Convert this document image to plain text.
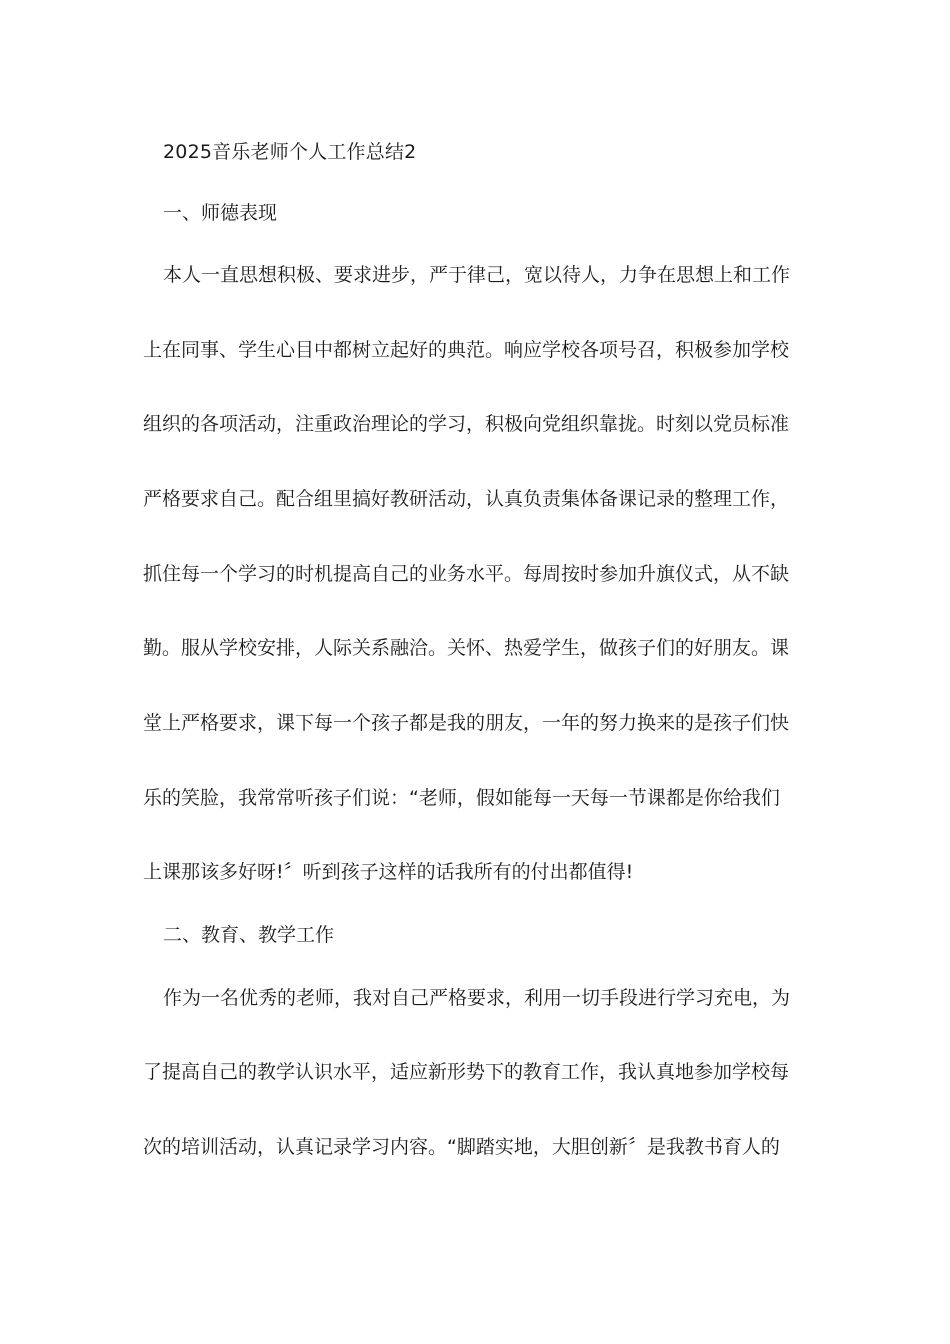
2025音乐老师个人工作总结2
一、师德表现
本人一直思想积极、要求进步，严于律己，宽以待人，力争在思想上和工作
上在同事、学生心目中都树立起好的典范。响应学校各项号召，积极参加学校
组织的各项活动，注重政治理论的学习，积极向党组织靠拢。时刻以党员标准
严格要求自己。配合组里搞好教研活动，认真负责集体备课记录的整理工作，
抓住每一个学习的时机提高自己的业务水平。每周按时参加升旗仪式，从不缺
勤。服从学校安排，人际关系融洽。关怀、热爱学生，做孩子们的好朋友。课
堂上严格要求，课下每一个孩子都是我的朋友，一年的努力换来的是孩子们快
乐的笑脸，我常常听孩子们说：“老师，假如能每一天每一节课都是你给我们
上课那该多好呀!〞听到孩子这样的话我所有的付出都值得!
二、教育、教学工作
作为一名优秀的老师，我对自己严格要求，利用一切手段进行学习充电，为
了提高自己的教学认识水平，适应新形势下的教育工作，我认真地参加学校每
次的培训活动，认真记录学习内容。“脚踏实地，大胆创新〞是我教书育人的
